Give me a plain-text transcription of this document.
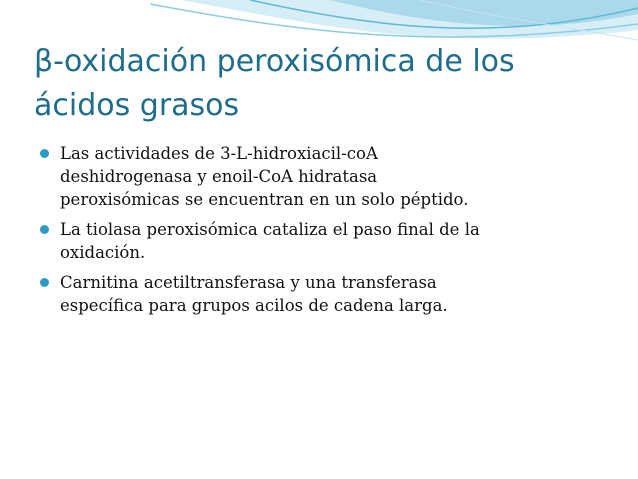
β-oxidación peroxisómica de los
ácidos grasos
Las actividades de 3-L-hidroxiacil-coA
deshidrogenasa y enoil-CoA hidratasa
peroxisómicas se encuentran en un solo péptido.
La tiolasa peroxisómica cataliza el paso final de la
oxidación.
Carnitina acetiltransferasa y una transferasa
específica para grupos acilos de cadena larga.
